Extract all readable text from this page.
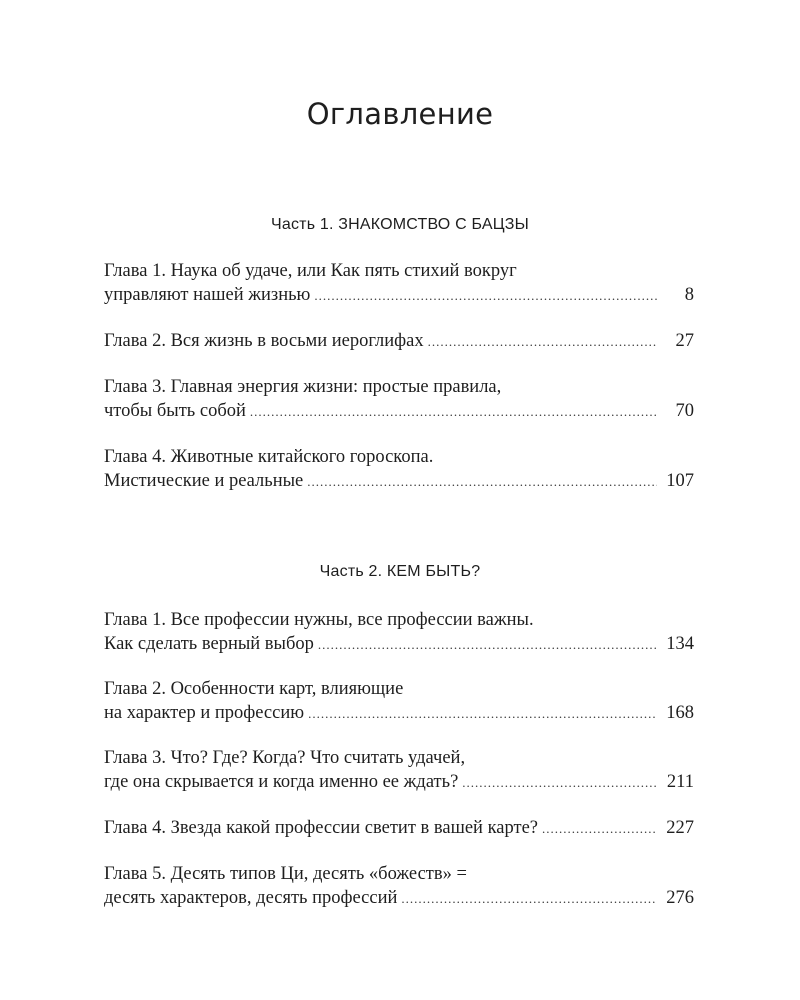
Оглавление
Часть 1. ЗНАКОМСТВО С БАЦЗЫ
Глава 1. Наука об удаче, или Как пять стихий вокруг
управляют нашей жизнью .....	8
Глава 2. Вся жизнь в восьми иероглифах .....	27
Глава 3. Главная энергия жизни: простые правила,
чтобы быть собой .....	70
Глава 4. Животные китайского гороскопа.
Мистические и реальные .....	107
Часть 2. КЕМ БЫТЬ?
Глава 1. Все профессии нужны, все профессии важны.
Как сделать верный выбор .....	134
Глава 2. Особенности карт, влияющие
на характер и профессию .....	168
Глава 3. Что? Где? Когда? Что считать удачей,
где она скрывается и когда именно ее ждать? .....	211
Глава 4. Звезда какой профессии светит в вашей карте? .....	227
Глава 5. Десять типов Ци, десять «божеств» =
десять характеров, десять профессий .....	276
